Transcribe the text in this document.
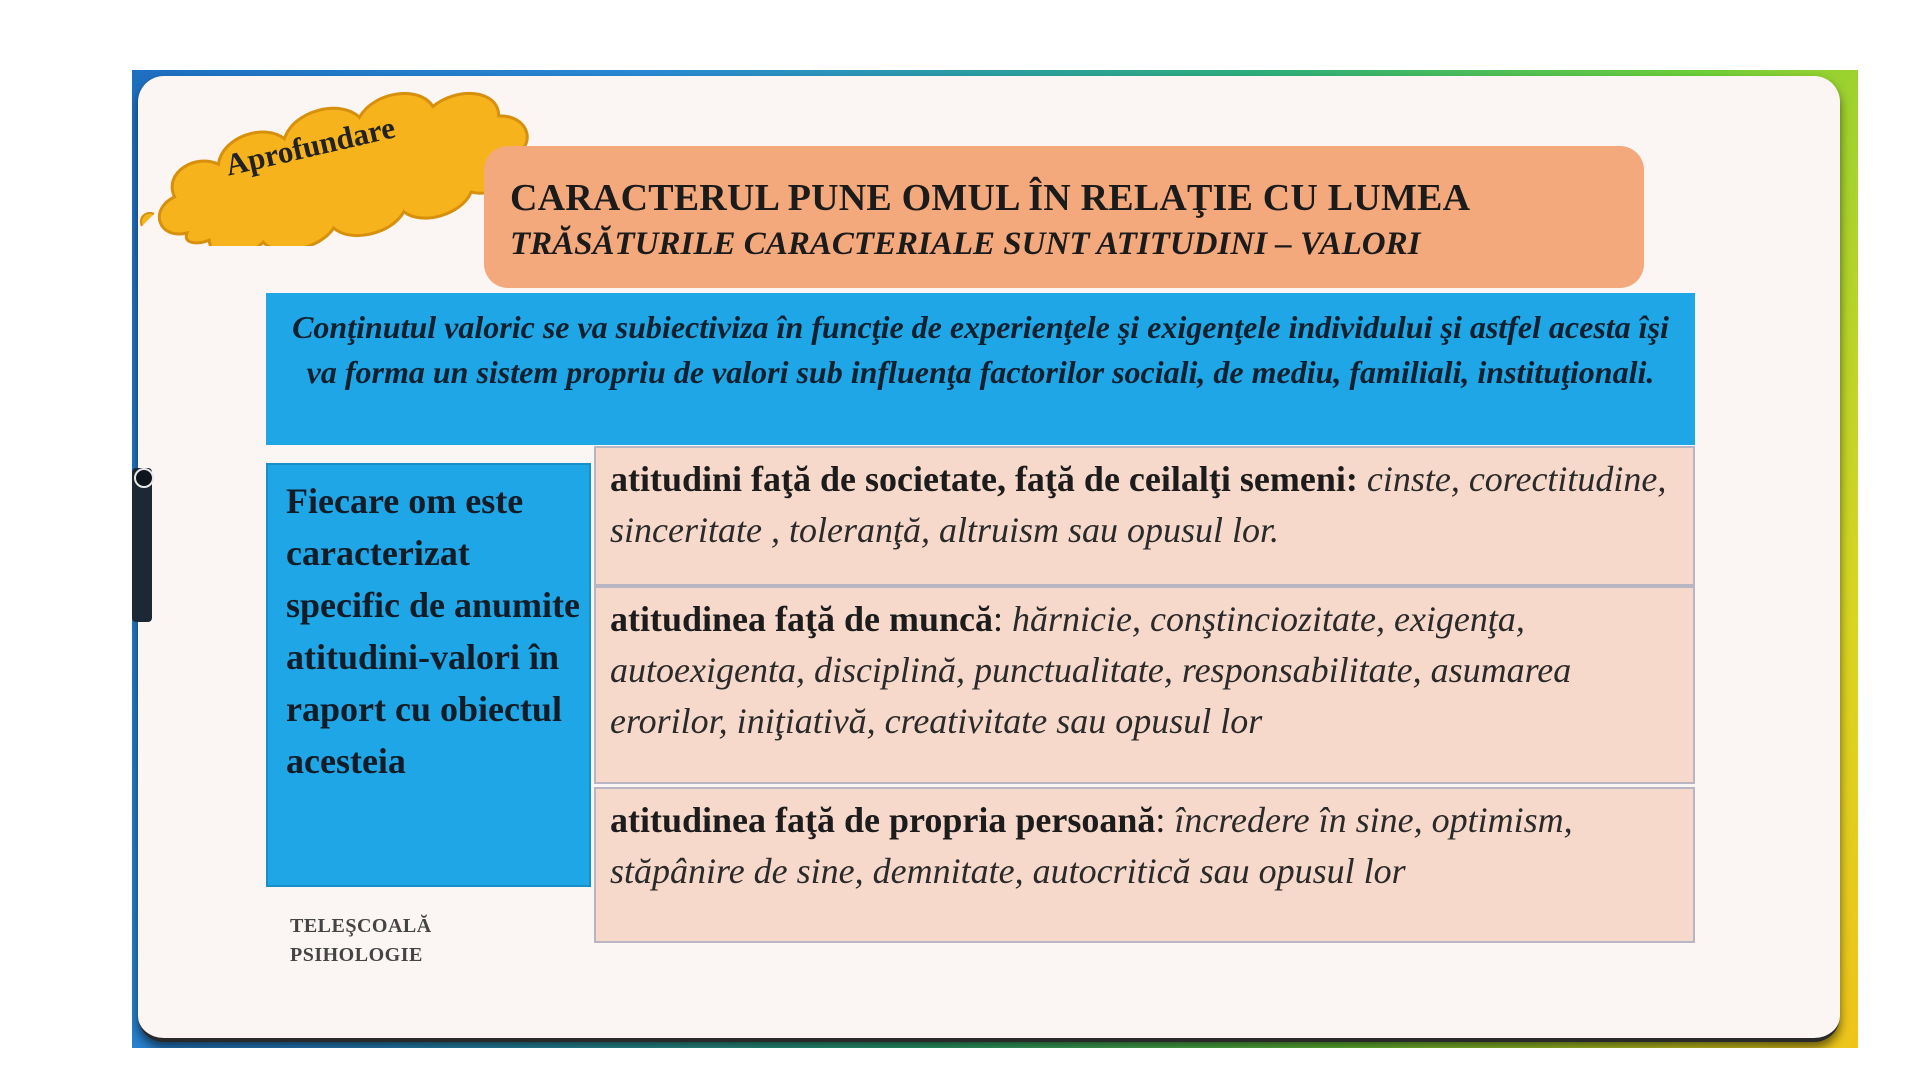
Aprofundare
CARACTERUL PUNE OMUL ÎN RELAŢIE CU LUMEA
TRĂSĂTURILE CARACTERIALE SUNT ATITUDINI – VALORI
Conţinutul valoric se va subiectiviza în funcţie de experienţele şi exigenţele individului şi astfel acesta îşi va forma un sistem propriu de valori sub influenţa factorilor sociali, de mediu, familiali, instituţionali.
Fiecare om este caracterizat specific de anumite atitudini-valori în raport cu obiectul acesteia
atitudini faţă de societate, faţă de ceilalţi semeni: cinste, corectitudine, sinceritate , toleranţă, altruism sau opusul lor.
atitudinea faţă de muncă: hărnicie, conştinciozitate, exigenţa, autoexigenta, disciplină, punctualitate, responsabilitate, asumarea erorilor, iniţiativă, creativitate sau opusul lor
atitudinea faţă de propria persoană: încredere în sine, optimism, stăpânire de sine, demnitate, autocritică sau opusul lor
TELEŞCOALĂ
PSIHOLOGIE
